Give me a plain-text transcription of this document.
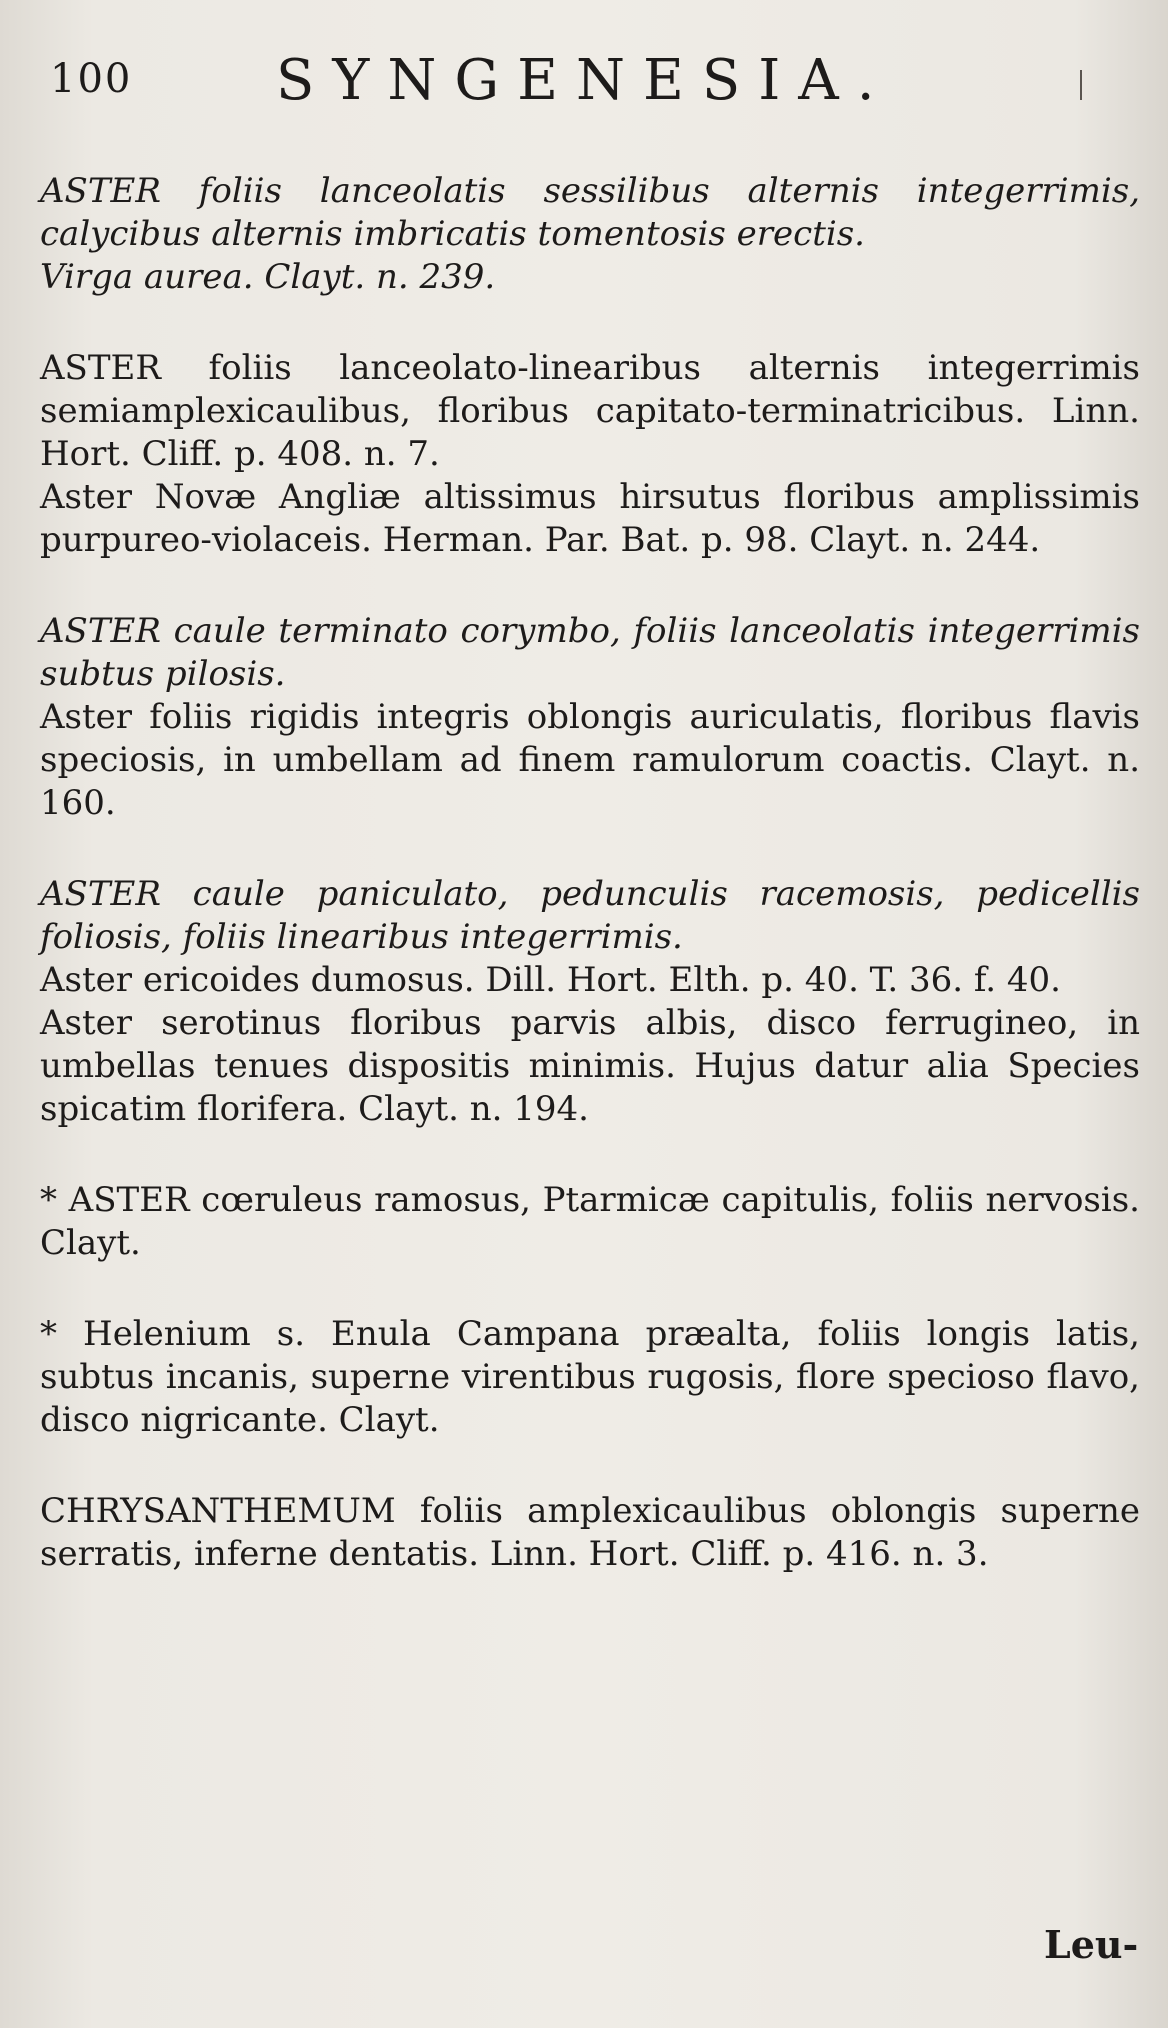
100	SYNGENESIA.

ASTER foliis lanceolatis sessilibus alternis integerrimis, calycibus alternis imbricatis tomentosis erectis.

Virga aurea. Clayt. n. 239.

ASTER foliis lanceolato-linearibus alternis integerrimis semiamplexicaulibus, floribus capitato-terminatricibus. Linn. Hort. Cliff. p. 408. n. 7.

Aster Novæ Angliæ altissimus hirsutus floribus amplissimis purpureo-violaceis. Herman. Par. Bat. p. 98. Clayt. n. 244.

ASTER caule terminato corymbo, foliis lanceolatis integerrimis subtus pilosis.

Aster foliis rigidis integris oblongis auriculatis, floribus flavis speciosis, in umbellam ad finem ramulorum coactis. Clayt. n. 160.

ASTER caule paniculato, pedunculis racemosis, pedicellis foliosis, foliis linearibus integerrimis.

Aster ericoides dumosus. Dill. Hort. Elth. p. 40. T. 36. f. 40.

Aster serotinus floribus parvis albis, disco ferrugineo, in umbellas tenues dispositis minimis. Hujus datur alia Species spicatim florifera. Clayt. n. 194.

* ASTER cœruleus ramosus, Ptarmicæ capitulis, foliis nervosis. Clayt.

* Helenium s. Enula Campana præalta, foliis longis latis, subtus incanis, superne virentibus rugosis, flore specioso flavo, disco nigricante. Clayt.

CHRYSANTHEMUM foliis amplexicaulibus oblongis superne serratis, inferne dentatis. Linn. Hort. Cliff. p. 416. n. 3.

Leu-
